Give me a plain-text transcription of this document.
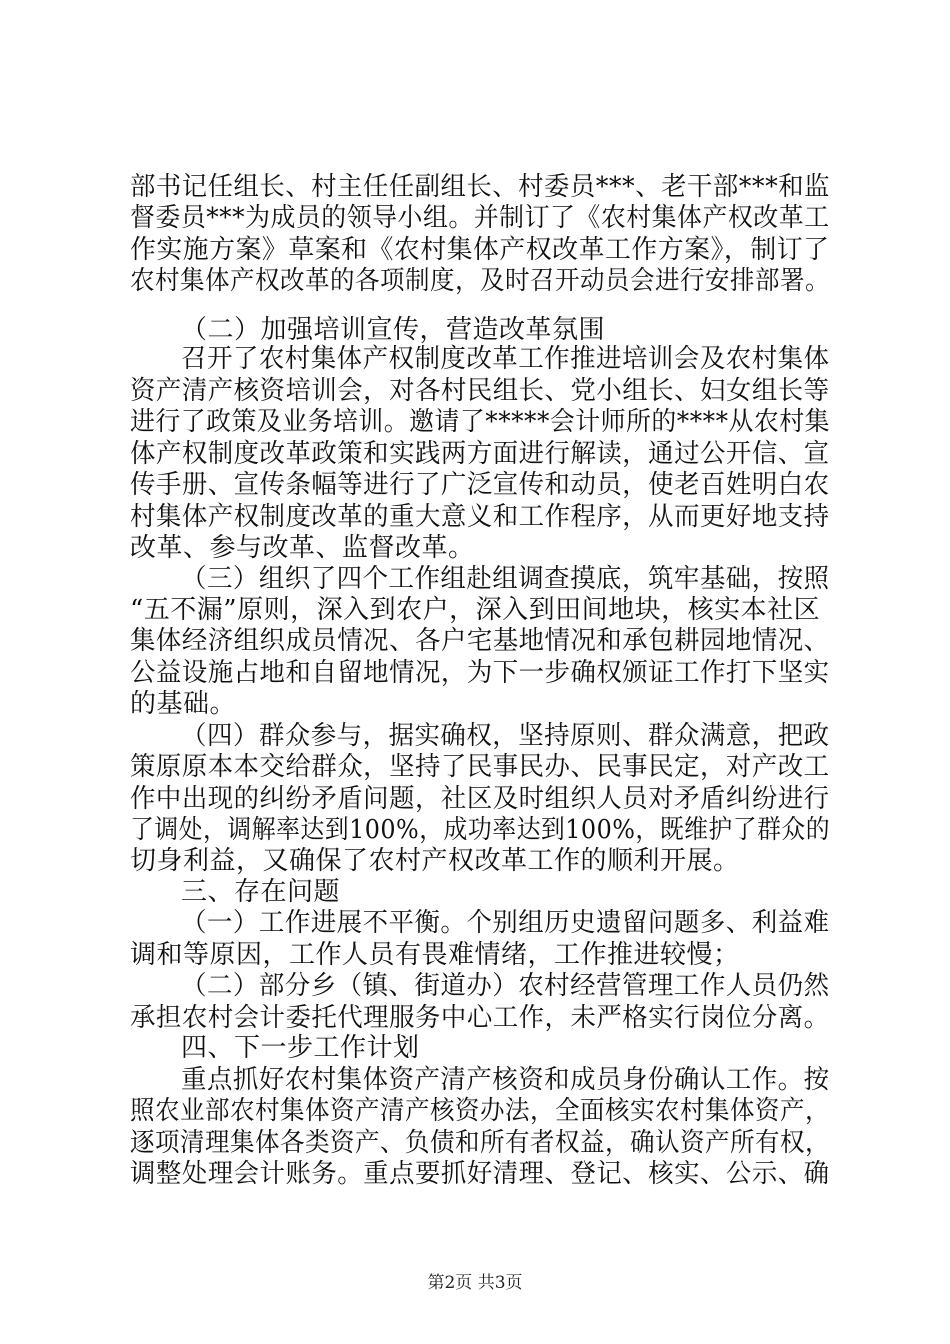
部书记任组长、村主任任副组长、村委员***、老干部***和监
督委员***为成员的领导小组。并制订了《农村集体产权改革工
作实施方案》草案和《农村集体产权改革工作方案》，制订了
农村集体产权改革的各项制度，及时召开动员会进行安排部署。
（二）加强培训宣传，营造改革氛围
召开了农村集体产权制度改革工作推进培训会及农村集体
资产清产核资培训会，对各村民组长、党小组长、妇女组长等
进行了政策及业务培训。邀请了*****会计师所的****从农村集
体产权制度改革政策和实践两方面进行解读，通过公开信、宣
传手册、宣传条幅等进行了广泛宣传和动员，使老百姓明白农
村集体产权制度改革的重大意义和工作程序，从而更好地支持
改革、参与改革、监督改革。
（三）组织了四个工作组赴组调查摸底，筑牢基础，按照
“五不漏”原则，深入到农户，深入到田间地块，核实本社区
集体经济组织成员情况、各户宅基地情况和承包耕园地情况、
公益设施占地和自留地情况，为下一步确权颁证工作打下坚实
的基础。
（四）群众参与，据实确权，坚持原则、群众满意，把政
策原原本本交给群众，坚持了民事民办、民事民定，对产改工
作中出现的纠纷矛盾问题，社区及时组织人员对矛盾纠纷进行
了调处，调解率达到100%，成功率达到100%，既维护了群众的
切身利益，又确保了农村产权改革工作的顺利开展。
三、存在问题
（一）工作进展不平衡。个别组历史遗留问题多、利益难
调和等原因，工作人员有畏难情绪，工作推进较慢；
（二）部分乡（镇、街道办）农村经营管理工作人员仍然
承担农村会计委托代理服务中心工作，未严格实行岗位分离。
四、下一步工作计划
重点抓好农村集体资产清产核资和成员身份确认工作。按
照农业部农村集体资产清产核资办法，全面核实农村集体资产，
逐项清理集体各类资产、负债和所有者权益，确认资产所有权，
调整处理会计账务。重点要抓好清理、登记、核实、公示、确
第2页 共3页
